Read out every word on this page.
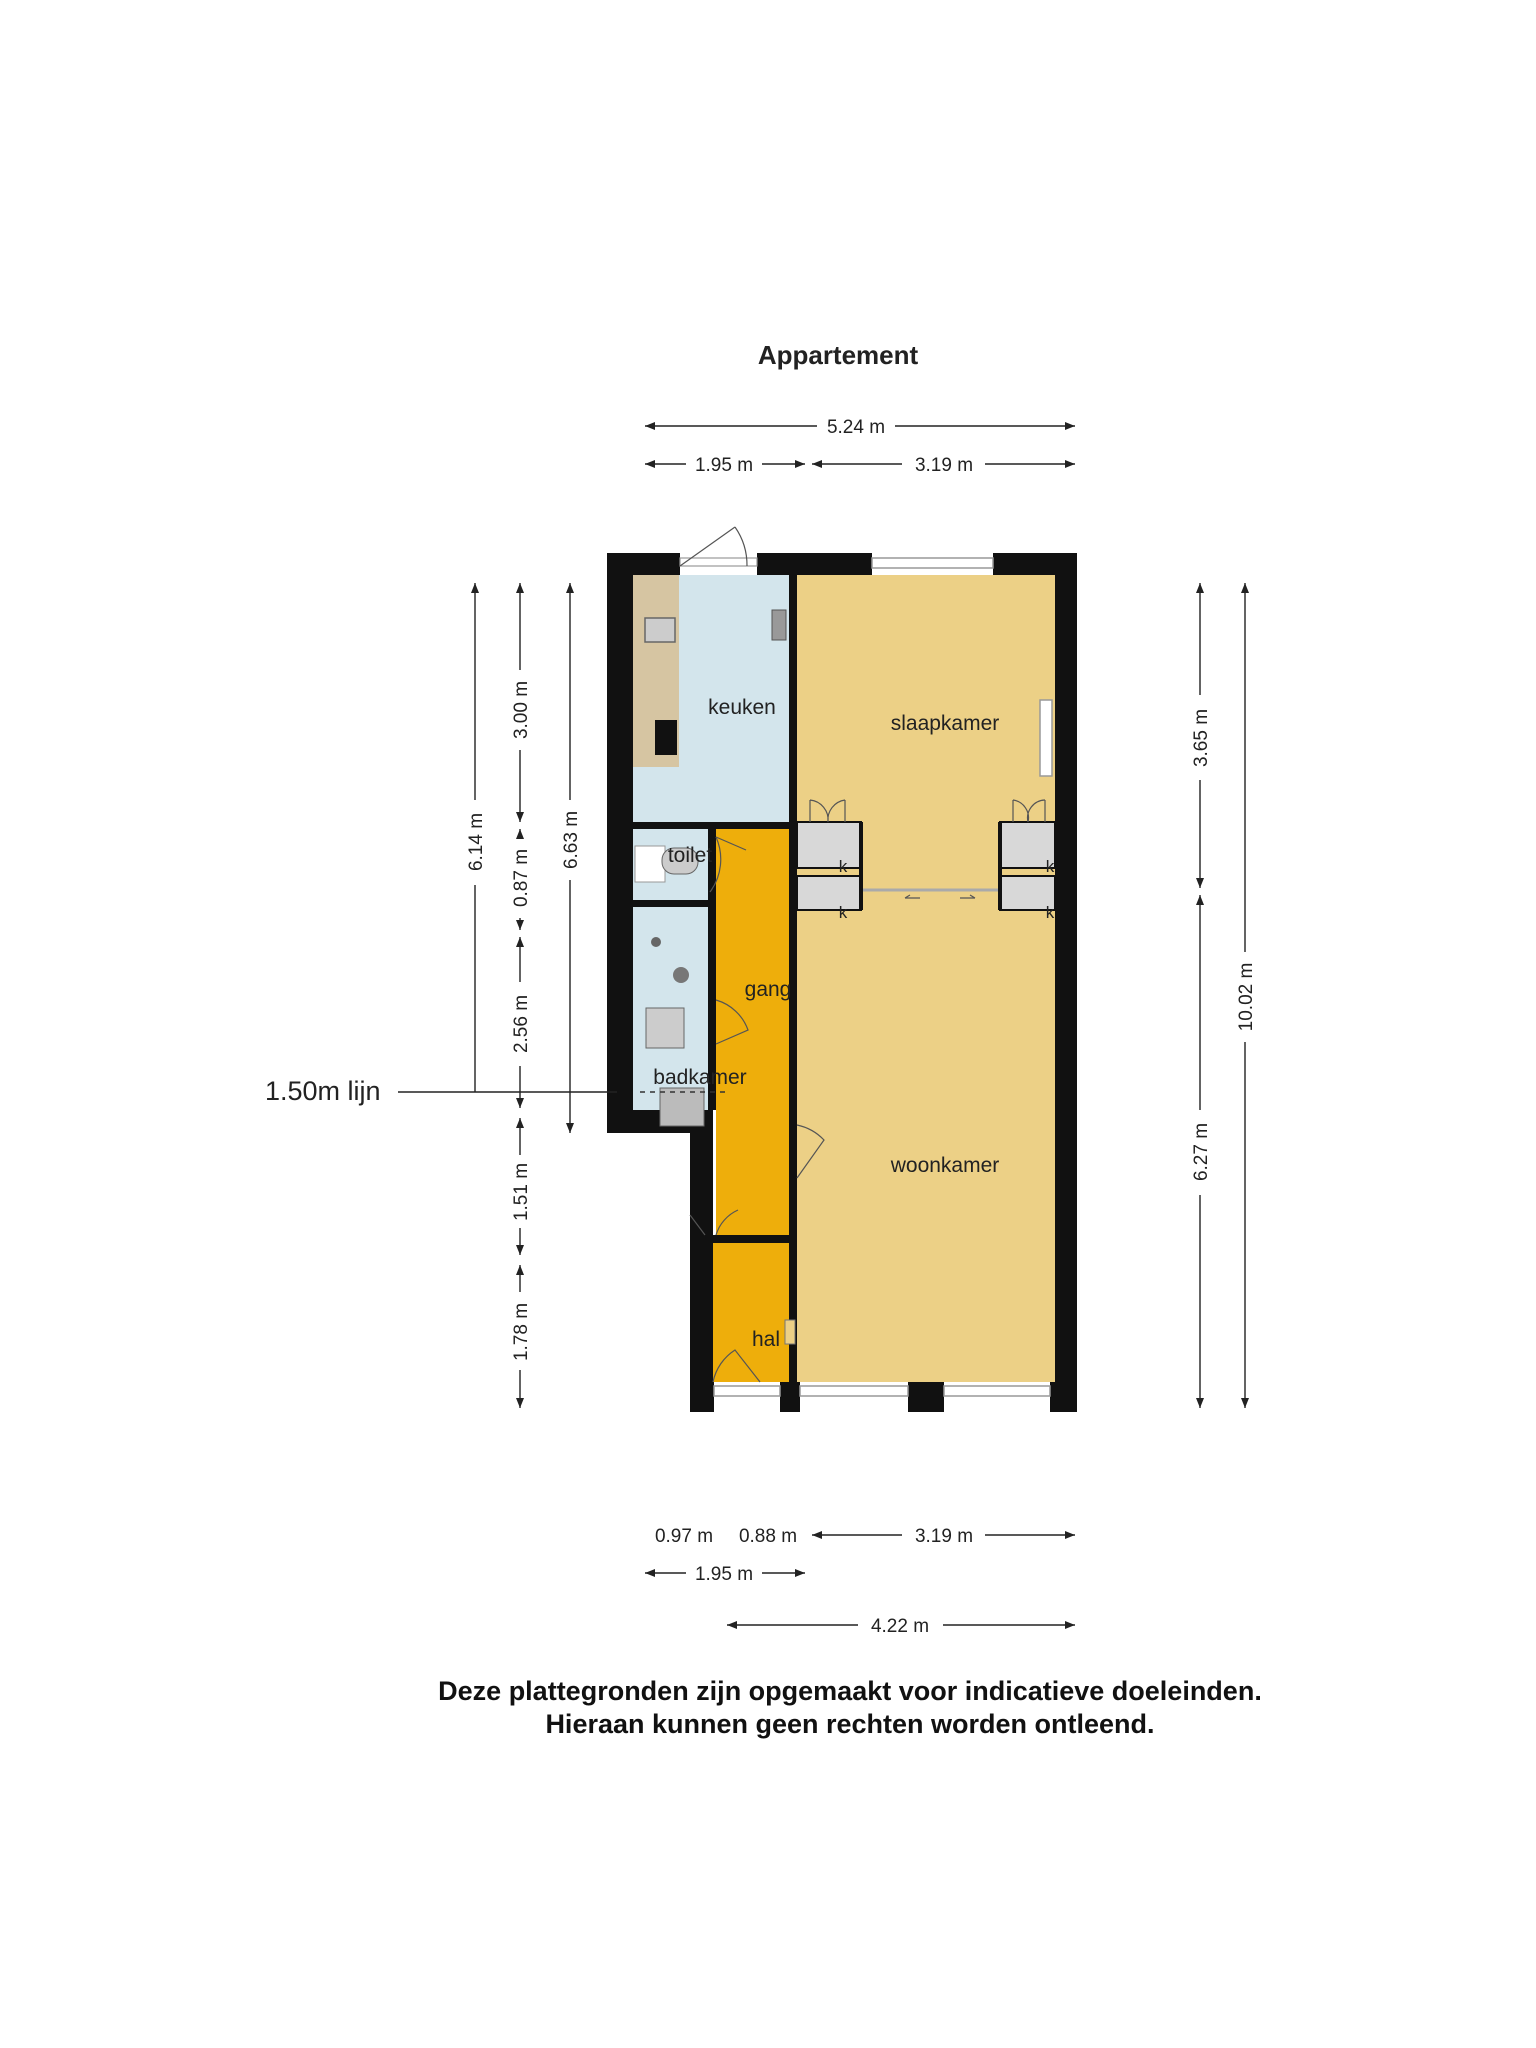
Appartement
keuken
slaapkamer
toilet
gang
badkamer
woonkamer
hal
k
k
k
k
5.24 m
1.95 m	3.19 m
6.14 m
3.00 m
0.87 m
2.56 m
1.51 m
1.78 m
6.63 m
1.50m lijn
3.65 m
6.27 m
10.02 m
0.97 m 0.88 m	3.19 m
1.95 m
4.22 m
Deze plattegronden zijn opgemaakt voor indicatieve doeleinden.
Hieraan kunnen geen rechten worden ontleend.
